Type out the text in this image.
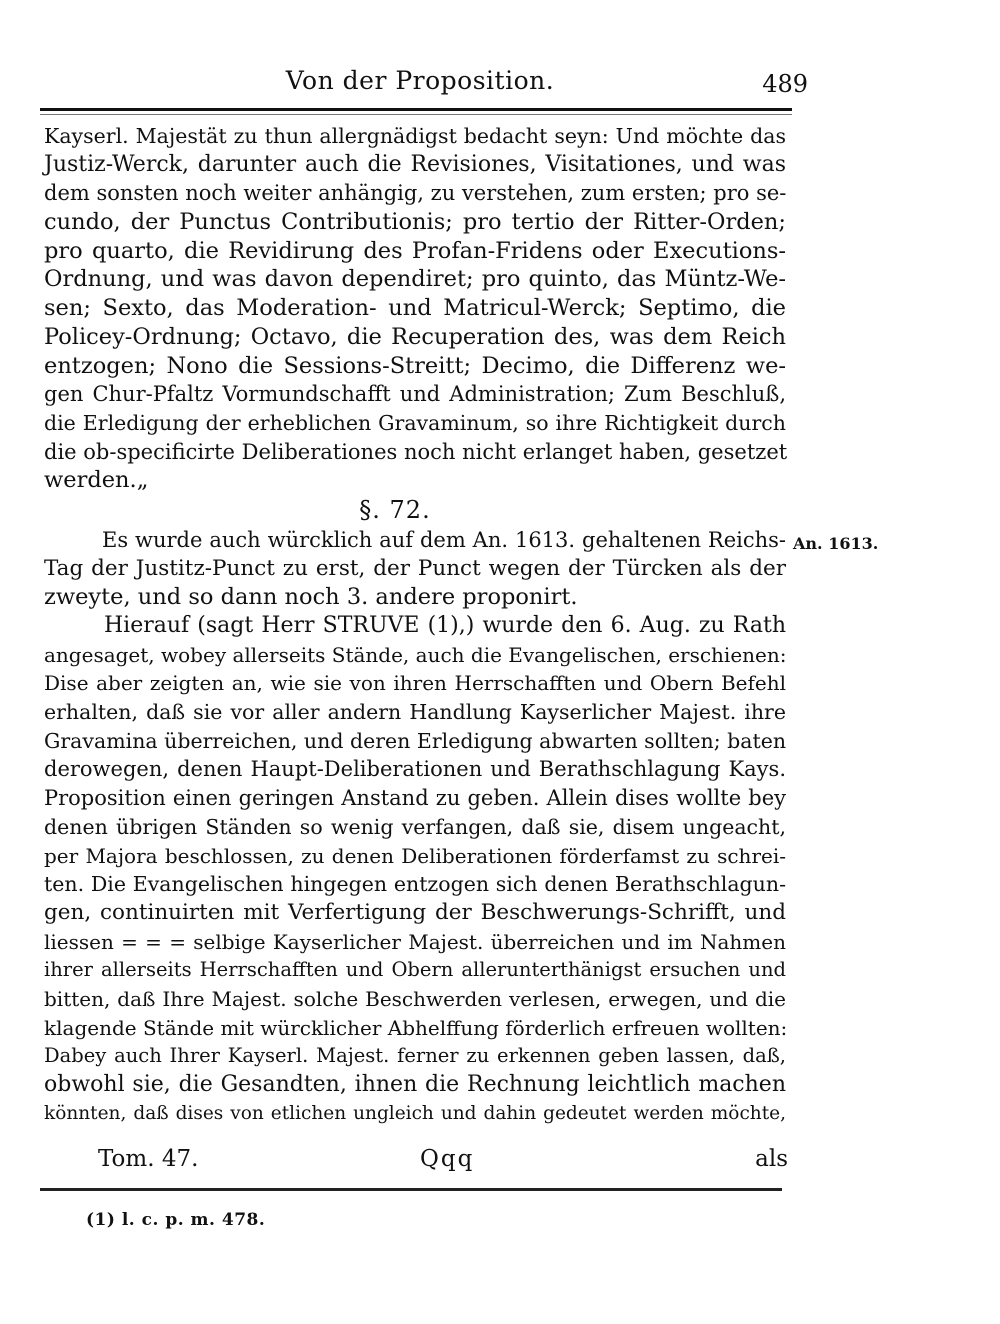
Von der Proposition.	489
Kayserl. Majestät zu thun allergnädigst bedacht seyn: Und möchte das
Justiz-Werck, darunter auch die Revisiones, Visitationes, und was
dem sonsten noch weiter anhängig, zu verstehen, zum ersten; pro se-
cundo, der Punctus Contributionis; pro tertio der Ritter-Orden;
pro quarto, die Revidirung des Profan-Fridens oder Executions-
Ordnung, und was davon dependiret; pro quinto, das Müntz-We-
sen; Sexto, das Moderation- und Matricul-Werck; Septimo, die
Policey-Ordnung; Octavo, die Recuperation des, was dem Reich
entzogen; Nono die Sessions-Streitt; Decimo, die Differenz we-
gen Chur-Pfaltz Vormundschafft und Administration; Zum Beschluß,
die Erledigung der erheblichen Gravaminum, so ihre Richtigkeit durch
die ob-specificirte Deliberationes noch nicht erlanget haben, gesetzet
werden.„
§. 72.
Es wurde auch würcklich auf dem An. 1613. gehaltenen Reichs-
Tag der Justitz-Punct zu erst, der Punct wegen der Türcken als der
zweyte, und so dann noch 3. andere proponirt.
Hierauf (sagt Herr STRUVE (1),) wurde den 6. Aug. zu Rath
angesaget, wobey allerseits Stände, auch die Evangelischen, erschienen:
Dise aber zeigten an, wie sie von ihren Herrschafften und Obern Befehl
erhalten, daß sie vor aller andern Handlung Kayserlicher Majest. ihre
Gravamina überreichen, und deren Erledigung abwarten sollten; baten
derowegen, denen Haupt-Deliberationen und Berathschlagung Kays.
Proposition einen geringen Anstand zu geben. Allein dises wollte bey
denen übrigen Ständen so wenig verfangen, daß sie, disem ungeacht,
per Majora beschlossen, zu denen Deliberationen förderfamst zu schrei-
ten. Die Evangelischen hingegen entzogen sich denen Berathschlagun-
gen, continuirten mit Verfertigung der Beschwerungs-Schrifft, und
liessen = = = selbige Kayserlicher Majest. überreichen und im Nahmen
ihrer allerseits Herrschafften und Obern allerunterthänigst ersuchen und
bitten, daß Ihre Majest. solche Beschwerden verlesen, erwegen, und die
klagende Stände mit würcklicher Abhelffung förderlich erfreuen wollten:
Dabey auch Ihrer Kayserl. Majest. ferner zu erkennen geben lassen, daß,
obwohl sie, die Gesandten, ihnen die Rechnung leichtlich machen
könnten, daß dises von etlichen ungleich und dahin gedeutet werden möchte,
An. 1613.
Tom. 47.	Qqq	als
(1) l. c. p. m. 478.
